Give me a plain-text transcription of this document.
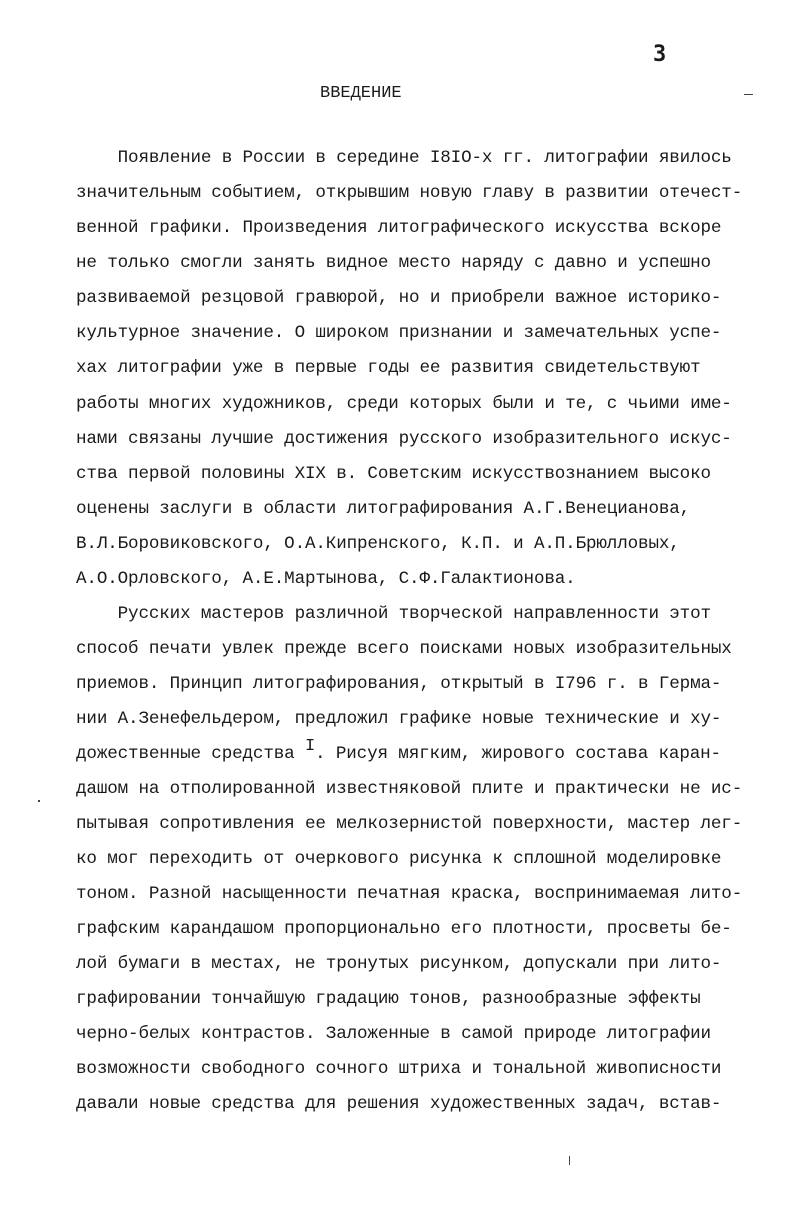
3
ВВЕДЕНИЕ
Появление в России в середине I8IO-х гг. литографии явилось
значительным событием, открывшим новую главу в развитии отечест-
венной графики. Произведения литографического искусства вскоре
не только смогли занять видное место наряду с давно и успешно
развиваемой резцовой гравюрой, но и приобрели важное историко-
культурное значение. О широком признании и замечательных успе-
хах литографии уже в первые годы ее развития свидетельствуют
работы многих художников, среди которых были и те, с чьими име-
нами связаны лучшие достижения русского изобразительного искус-
ства первой половины XIX в. Советским искусствознанием высоко
оценены заслуги в области литографирования А.Г.Венецианова,
В.Л.Боровиковского, О.А.Кипренского, К.П. и А.П.Брюлловых,
А.О.Орловского, А.Е.Мартынова, С.Ф.Галактионова.
Русских мастеров различной творческой направленности этот
способ печати увлек прежде всего поисками новых изобразительных
приемов. Принцип литографирования, открытый в I796 г. в Герма-
нии А.Зенефельдером, предложил графике новые технические и ху-
дожественные средства I. Рисуя мягким, жирового состава каран-
дашом на отполированной известняковой плите и практически не ис-
пытывая сопротивления ее мелкозернистой поверхности, мастер лег-
ко мог переходить от очеркового рисунка к сплошной моделировке
тоном. Разной насыщенности печатная краска, воспринимаемая лито-
графским карандашом пропорционально его плотности, просветы бе-
лой бумаги в местах, не тронутых рисунком, допускали при лито-
графировании тончайшую градацию тонов, разнообразные эффекты
черно-белых контрастов. Заложенные в самой природе литографии
возможности свободного сочного штриха и тональной живописности
давали новые средства для решения художественных задач, встав-
